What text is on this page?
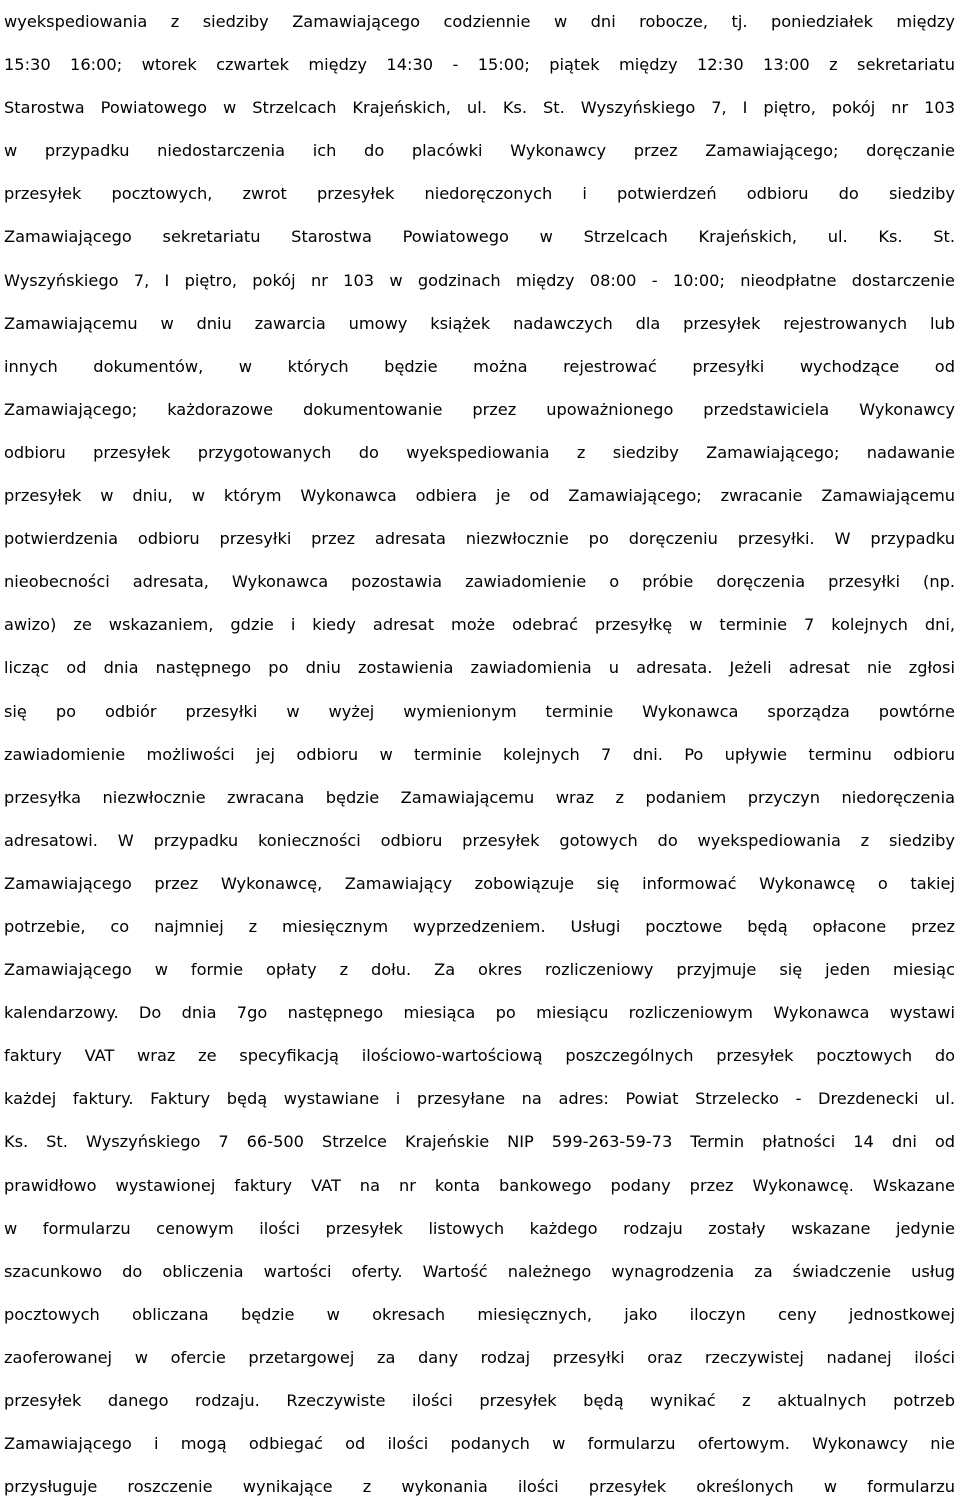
wyekspediowania z siedziby Zamawiającego codziennie w dni robocze, tj. poniedziałek między
15:30 16:00; wtorek czwartek między 14:30 - 15:00; piątek między 12:30 13:00 z sekretariatu
Starostwa Powiatowego w Strzelcach Krajeńskich, ul. Ks. St. Wyszyńskiego 7, I piętro, pokój nr 103
w przypadku niedostarczenia ich do placówki Wykonawcy przez Zamawiającego; doręczanie
przesyłek pocztowych, zwrot przesyłek niedoręczonych i potwierdzeń odbioru do siedziby
Zamawiającego sekretariatu Starostwa Powiatowego w Strzelcach Krajeńskich, ul. Ks. St.
Wyszyńskiego 7, I piętro, pokój nr 103 w godzinach między 08:00 - 10:00; nieodpłatne dostarczenie
Zamawiającemu w dniu zawarcia umowy książek nadawczych dla przesyłek rejestrowanych lub
innych dokumentów, w których będzie można rejestrować przesyłki wychodzące od
Zamawiającego; każdorazowe dokumentowanie przez upoważnionego przedstawiciela Wykonawcy
odbioru przesyłek przygotowanych do wyekspediowania z siedziby Zamawiającego; nadawanie
przesyłek w dniu, w którym Wykonawca odbiera je od Zamawiającego; zwracanie Zamawiającemu
potwierdzenia odbioru przesyłki przez adresata niezwłocznie po doręczeniu przesyłki. W przypadku
nieobecności adresata, Wykonawca pozostawia zawiadomienie o próbie doręczenia przesyłki (np.
awizo) ze wskazaniem, gdzie i kiedy adresat może odebrać przesyłkę w terminie 7 kolejnych dni,
licząc od dnia następnego po dniu zostawienia zawiadomienia u adresata. Jeżeli adresat nie zgłosi
się po odbiór przesyłki w wyżej wymienionym terminie Wykonawca sporządza powtórne
zawiadomienie możliwości jej odbioru w terminie kolejnych 7 dni. Po upływie terminu odbioru
przesyłka niezwłocznie zwracana będzie Zamawiającemu wraz z podaniem przyczyn niedoręczenia
adresatowi. W przypadku konieczności odbioru przesyłek gotowych do wyekspediowania z siedziby
Zamawiającego przez Wykonawcę, Zamawiający zobowiązuje się informować Wykonawcę o takiej
potrzebie, co najmniej z miesięcznym wyprzedzeniem. Usługi pocztowe będą opłacone przez
Zamawiającego w formie opłaty z dołu. Za okres rozliczeniowy przyjmuje się jeden miesiąc
kalendarzowy. Do dnia 7go następnego miesiąca po miesiącu rozliczeniowym Wykonawca wystawi
faktury VAT wraz ze specyfikacją ilościowo-wartościową poszczególnych przesyłek pocztowych do
każdej faktury. Faktury będą wystawiane i przesyłane na adres: Powiat Strzelecko - Drezdenecki ul.
Ks. St. Wyszyńskiego 7 66-500 Strzelce Krajeńskie NIP 599-263-59-73 Termin płatności 14 dni od
prawidłowo wystawionej faktury VAT na nr konta bankowego podany przez Wykonawcę. Wskazane
w formularzu cenowym ilości przesyłek listowych każdego rodzaju zostały wskazane jedynie
szacunkowo do obliczenia wartości oferty. Wartość należnego wynagrodzenia za świadczenie usług
pocztowych obliczana będzie w okresach miesięcznych, jako iloczyn ceny jednostkowej
zaoferowanej w ofercie przetargowej za dany rodzaj przesyłki oraz rzeczywistej nadanej ilości
przesyłek danego rodzaju. Rzeczywiste ilości przesyłek będą wynikać z aktualnych potrzeb
Zamawiającego i mogą odbiegać od ilości podanych w formularzu ofertowym. Wykonawcy nie
przysługuje roszczenie wynikające z wykonania ilości przesyłek określonych w formularzu
